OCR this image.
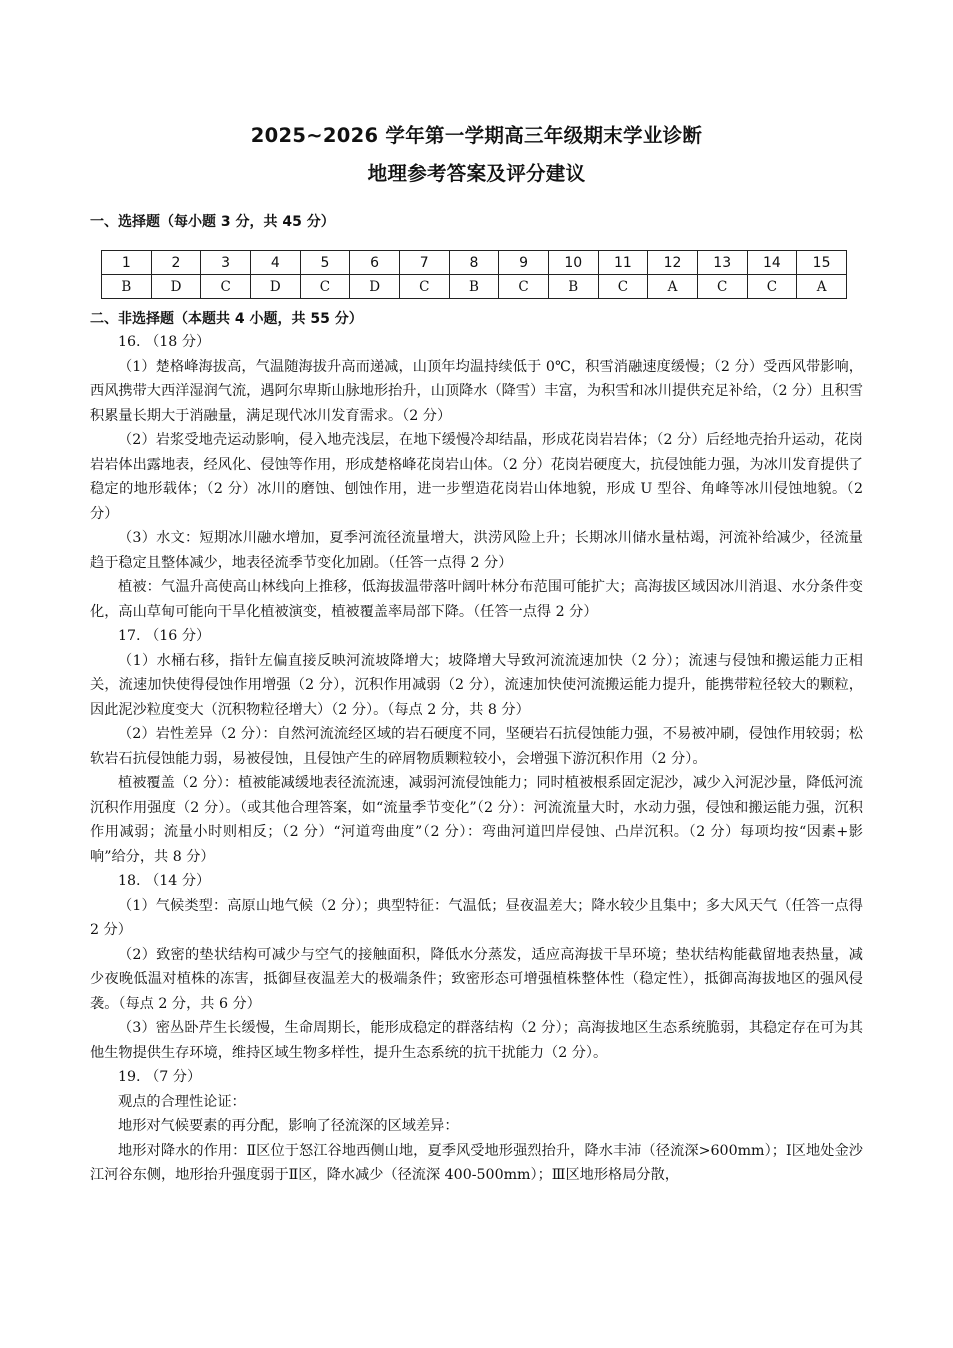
2025~2026 学年第一学期高三年级期末学业诊断
地理参考答案及评分建议
一、选择题（每小题 3 分，共 45 分）
1	2	3	4	5	6	7	8	9	10	11	12	13	14	15
B	D	C	D	C	D	C	B	C	B	C	A	C	C	A
二、非选择题（本题共 4 小题，共 55 分）

16. （18 分）

（1）楚格峰海拔高，气温随海拔升高而递减，山顶年均温持续低于 0℃，积雪消融速度缓慢；（2 分）受西风带影响，西风携带大西洋湿润气流，遇阿尔卑斯山脉地形抬升，山顶降水（降雪）丰富，为积雪和冰川提供充足补给，（2 分）且积雪积累量长期大于消融量，满足现代冰川发育需求。（2 分）

（2）岩浆受地壳运动影响，侵入地壳浅层，在地下缓慢冷却结晶，形成花岗岩岩体；（2 分）后经地壳抬升运动，花岗岩岩体出露地表，经风化、侵蚀等作用，形成楚格峰花岗岩山体。（2 分）花岗岩硬度大，抗侵蚀能力强，为冰川发育提供了稳定的地形载体；（2 分）冰川的磨蚀、刨蚀作用，进一步塑造花岗岩山体地貌，形成 U 型谷、角峰等冰川侵蚀地貌。（2 分）

（3）水文：短期冰川融水增加，夏季河流径流量增大，洪涝风险上升；长期冰川储水量枯竭，河流补给减少，径流量趋于稳定且整体减少，地表径流季节变化加剧。（任答一点得 2 分）

植被：气温升高使高山林线向上推移，低海拔温带落叶阔叶林分布范围可能扩大；高海拔区域因冰川消退、水分条件变化，高山草甸可能向干旱化植被演变，植被覆盖率局部下降。（任答一点得 2 分）

17. （16 分）

（1）水桶右移，指针左偏直接反映河流坡降增大；坡降增大导致河流流速加快（2 分）；流速与侵蚀和搬运能力正相关，流速加快使得侵蚀作用增强（2 分），沉积作用减弱（2 分），流速加快使河流搬运能力提升，能携带粒径较大的颗粒，因此泥沙粒度变大（沉积物粒径增大）（2 分）。（每点 2 分，共 8 分）

（2）岩性差异（2 分）：自然河流流经区域的岩石硬度不同，坚硬岩石抗侵蚀能力强，不易被冲刷，侵蚀作用较弱；松软岩石抗侵蚀能力弱，易被侵蚀，且侵蚀产生的碎屑物质颗粒较小，会增强下游沉积作用（2 分）。

植被覆盖（2 分）：植被能减缓地表径流流速，减弱河流侵蚀能力；同时植被根系固定泥沙，减少入河泥沙量，降低河流沉积作用强度（2 分）。（或其他合理答案，如“流量季节变化”（2 分）：河流流量大时，水动力强，侵蚀和搬运能力强，沉积作用减弱；流量小时则相反；（2 分）“河道弯曲度”（2 分）：弯曲河道凹岸侵蚀、凸岸沉积。（2 分）每项均按“因素+影响”给分，共 8 分）

18. （14 分）

（1）气候类型：高原山地气候（2 分）；典型特征：气温低；昼夜温差大；降水较少且集中；多大风天气（任答一点得 2 分）

（2）致密的垫状结构可减少与空气的接触面积，降低水分蒸发，适应高海拔干旱环境；垫状结构能截留地表热量，减少夜晚低温对植株的冻害，抵御昼夜温差大的极端条件；致密形态可增强植株整体性（稳定性），抵御高海拔地区的强风侵袭。（每点 2 分，共 6 分）

（3）密丛卧芹生长缓慢，生命周期长，能形成稳定的群落结构（2 分）；高海拔地区生态系统脆弱，其稳定存在可为其他生物提供生存环境，维持区域生物多样性，提升生态系统的抗干扰能力（2 分）。

19. （7 分）

观点的合理性论证：

地形对气候要素的再分配，影响了径流深的区域差异：

地形对降水的作用：Ⅱ区位于怒江谷地西侧山地，夏季风受地形强烈抬升，降水丰沛（径流深>600mm）；Ⅰ区地处金沙江河谷东侧，地形抬升强度弱于Ⅱ区，降水减少（径流深 400-500mm）；Ⅲ区地形格局分散，
